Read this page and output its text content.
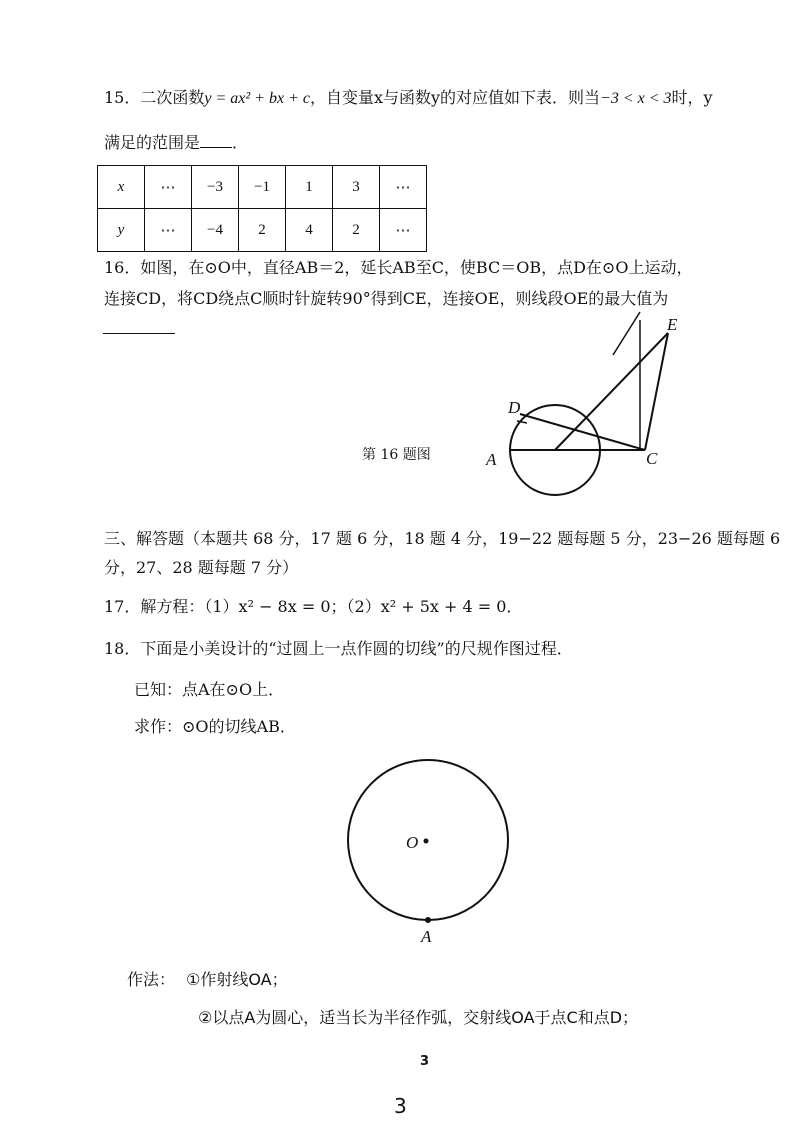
15．二次函数y = ax² + bx + c，自变量x与函数y的对应值如下表．则当−3 < x < 3时，y
满足的范围是 ．
x	⋯	−3	−1	1	3	⋯
y	⋯	−4	2	4	2	⋯
16．如图，在⊙O中，直径AB＝2，延长AB至C，使BC＝OB，点D在⊙O上运动，
连接CD，将CD绕点C顺时针旋转90°得到CE，连接OE，则线段OE的最大值为
第 16 题图	A	C
D
E
O
A
三、解答题（本题共 68 分，17 题 6 分，18 题 4 分，19−22 题每题 5 分，23−26 题每题 6
分，27、28 题每题 7 分）
17．解方程：（1）x² − 8x = 0；（2）x² + 5x + 4 = 0．
18．下面是小美设计的“过圆上一点作圆的切线”的尺规作图过程．
已知：点A在⊙O上．
求作：⊙O的切线AB．
作法： ①作射线OA；
②以点A为圆心，适当长为半径作弧，交射线OA于点C和点D；
3
3
